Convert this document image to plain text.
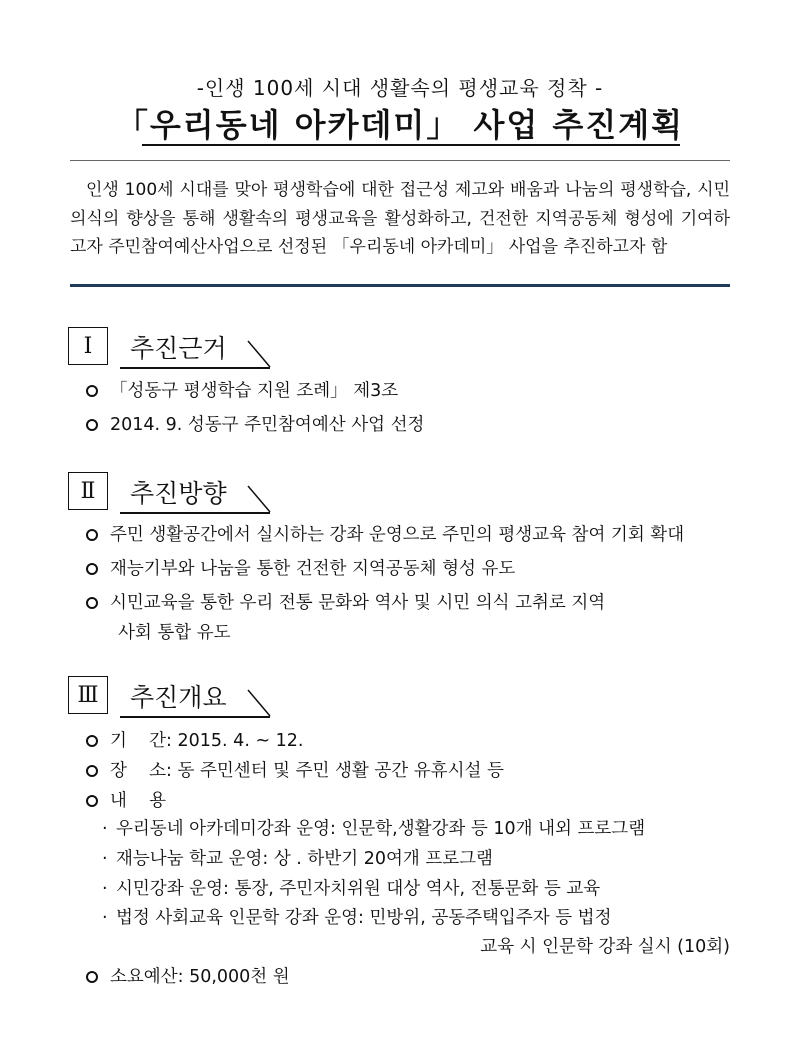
-인생 100세 시대 생활속의 평생교육 정착 -
「우리동네 아카데미」 사업 추진계획
인생 100세 시대를 맞아 평생학습에 대한 접근성 제고와 배움과 나눔의 평생학습, 시민의식의 향상을 통해 생활속의 평생교육을 활성화하고, 건전한 지역공동체 형성에 기여하고자 주민참여예산사업으로 선정된 「우리동네 아카데미」 사업을 추진하고자 함
Ⅰ	추진근거
「성동구 평생학습 지원 조례」 제3조
2014. 9. 성동구 주민참여예산 사업 선정
Ⅱ	추진방향
주민 생활공간에서 실시하는 강좌 운영으로 주민의 평생교육 참여 기회 확대
재능기부와 나눔을 통한 건전한 지역공동체 형성 유도
시민교육을 통한 우리 전통 문화와 역사 및 시민 의식 고취로 지역
사회 통합 유도
Ⅲ	추진개요
기    간: 2015. 4. ~ 12.
장    소: 동 주민센터 및 주민 생활 공간 유휴시설 등
내    용
· 우리동네 아카데미강좌 운영: 인문학,생활강좌 등 10개 내외 프로그램
· 재능나눔 학교 운영: 상 . 하반기 20여개 프로그램
· 시민강좌 운영: 통장, 주민자치위원 대상 역사, 전통문화 등 교육
· 법정 사회교육 인문학 강좌 운영: 민방위, 공동주택입주자 등 법정
교육 시 인문학 강좌 실시 (10회)
소요예산: 50,000천 원
